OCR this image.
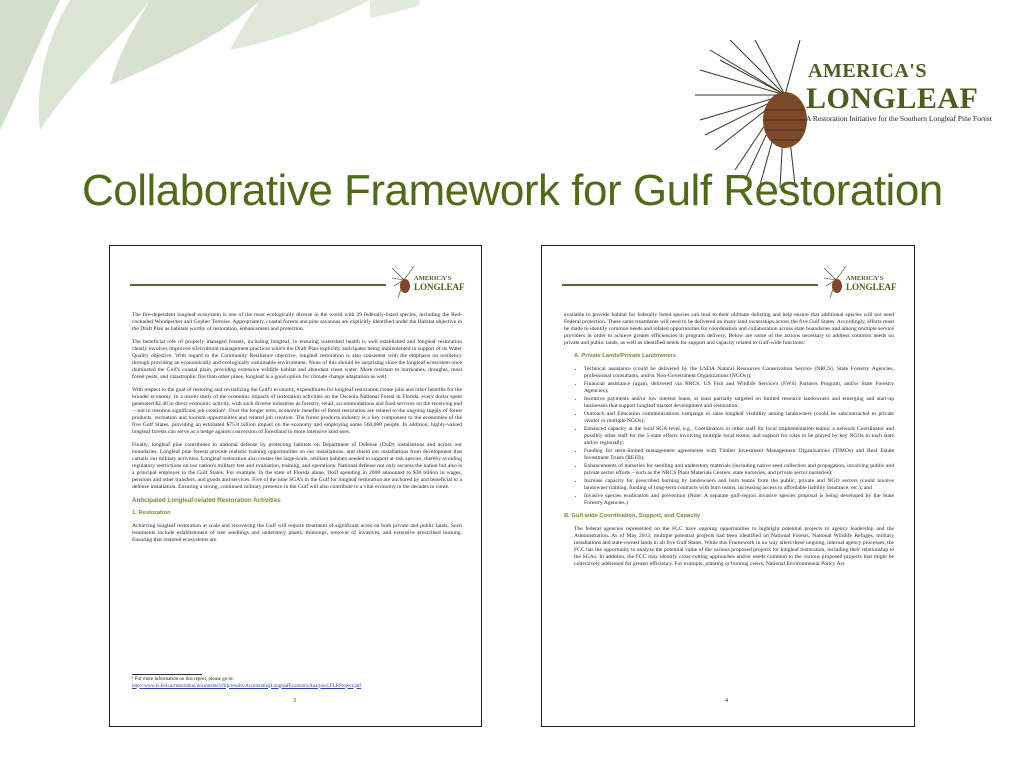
AMERICA'S
LONGLEAF
A Restoration Initiative for the Southern Longleaf Pine Forest
Collaborative Framework for Gulf Restoration
AMERICA'S
LONGLEAF

The fire-dependent longleaf ecosystem is one of the most ecologically diverse in the world with 29 federally-listed species, including the Red-cockaded Woodpecker and Gopher Tortoise. Appropriately, coastal forests and pine savannas are explicitly identified under the Habitat objective in the Draft Plan as habitats worthy of restoration, enhancement and protection.

The beneficial role of properly managed forests, including longleaf, in ensuring watershed health is well established and longleaf restoration clearly involves improved silvicultural management practices which the Draft Plan explicitly anticipates being implemented in support of its Water Quality objective. With regard to the Community Resilience objective, longleaf restoration is also consistent with the emphasis on resiliency through providing an economically and ecologically sustainable environment. None of this should be surprising since the longleaf ecosystem once dominated the Gulf's coastal plain, providing extensive wildlife habitat and abundant clean water. More resistant to hurricanes, droughts, most forest pests, and catastrophic fire than other pines, longleaf is a good option for climate change adaptation as well.

With respect to the goal of restoring and revitalizing the Gulf's economy, expenditures for longleaf restoration create jobs and other benefits for the broader economy. In a recent study of the economic impacts of restoration activities on the Osceola National Forest in Florida, every dollar spent generated $2.40 in direct economic activity, with such diverse industries as forestry, retail, accommodations and food services on the receiving end—not to mention significant job creation¹. Over the longer term, economic benefits of forest restoration are related to the ongoing supply of forest products, recreation and tourism opportunities and related job creation. The forest products industry is a key component to the economies of the five Gulf States, providing an estimated $75.8 billion impact on the economy and employing some 560,000 people. In addition, highly-valued longleaf forests can serve as a hedge against conversion of forestland to more intensive land uses.

Finally, longleaf pine contributes to national defense by protecting habitats on Department of Defense (DoD) installations and across our boundaries. Longleaf pine forests provide realistic training opportunities on our installations, and shield our installations from development that curtails our military activities. Longleaf restoration also creates the large-scale, resilient habitats needed to support at-risk species, thereby avoiding regulatory restrictions on our nation's military test and evaluation, training, and operations. National defense not only secures the nation but also is a principal employer in the Gulf States. For example, in the state of Florida alone, DoD spending in 2008 amounted to $30 billion in wages, pensions and other transfers, and goods and services. Five of the nine SGA's in the Gulf for longleaf restoration are anchored by and beneficial to a defense installation. Ensuring a strong, continued military presence in the Gulf will also contribute to a vital economy in the decades to come.

Anticipated Longleaf-related Restoration Activities
1. Restoration

Achieving longleaf restoration at scale and recovering the Gulf will require treatment of significant acres on both private and public lands. Such treatments include establishment of tree seedlings and understory plants, thinnings, removal of invasives, and extensive prescribed burning. Ensuring that restored ecosystems are

¹ For more information on this report, please go to:
http://www.fs.fed.us/restoration/documents/cflrp/results/AcceleratingLongleafEconomicAnalysisCFLRProject.pdf
3
AMERICA'S
LONGLEAF

available to provide habitat for federally listed species can lead to their ultimate delisting and help ensure that additional species will not need Federal protection. These same treatments will need to be delivered on many land ownerships across the five Gulf States. Accordingly, efforts must be made to identify common needs and related opportunities for coordination and collaboration across state boundaries and among multiple service providers in order to achieve greater efficiencies in program delivery. Below are some of the actions necessary to address common needs on private and public lands, as well as identified needs for support and capacity related to Gulf-wide functions:

A. Private Lands/Private Landowners
• Technical assistance (could be delivered by the USDA Natural Resources Conservation Service (NRCS), State Forestry Agencies, professional consultants, and/or Non-Government Organizations (NGOs));
• Financial assistance (again, delivered via NRCS, US Fish and Wildlife Service's (FWS) Partners Program, and/or State Forestry Agencies);
• Incentive payments and/or low interest loans, at least partially targeted on limited resource landowners and emerging and start-up businesses that support longleaf market development and restoration;
• Outreach and Education communications campaign to raise longleaf visibility among landowners (could be subcontracted to private vendor or multiple NGOs);
• Enhanced capacity at the local SGA level, e.g., Coordinators or other staff for local implementation teams; a network Coordinator and possibly other staff for the 5-state efforts involving multiple local teams; and support for roles to be played by key NGOs in each state and/or regionally;
• Funding for term-limited management agreements with Timber Investment Management Organizations (TIMOs) and Real Estate Investment Trusts (REITs);
• Enhancements of nurseries for seedling and understory materials (including native seed collection and propagation, involving public and private sector efforts – such as the NRCS Plant Materials Centers, state nurseries, and private sector nurseries);
• Increase capacity for prescribed burning by landowners and burn teams from the public, private and NGO sectors (could involve landowner training, funding of long-term contracts with burn teams, increasing access to affordable liability insurance, etc.); and
• Invasive species eradication and prevention (Note: A separate gulf-region invasive species proposal is being developed by the State Forestry Agencies.)
B. Gulf-wide Coordination, Support, and Capacity

The federal agencies represented on the FCC have ongoing opportunities to highlight potential projects to agency leadership and the Administration. As of May 2013, multiple potential projects had been identified on National Forests, National Wildlife Refuges, military installations and state-owned lands in all five Gulf States. While this Framework in no way alters these ongoing, internal agency processes, the FCC has the opportunity to analyze the potential value of the various proposed projects for longleaf restoration, including their relationship to the SGAs. In addition, the FCC may identify cross-cutting approaches and/or needs common to the various proposed projects that might be collectively addressed for greater efficiency. For example, planting or burning crews, National Environmental Policy Act

4
